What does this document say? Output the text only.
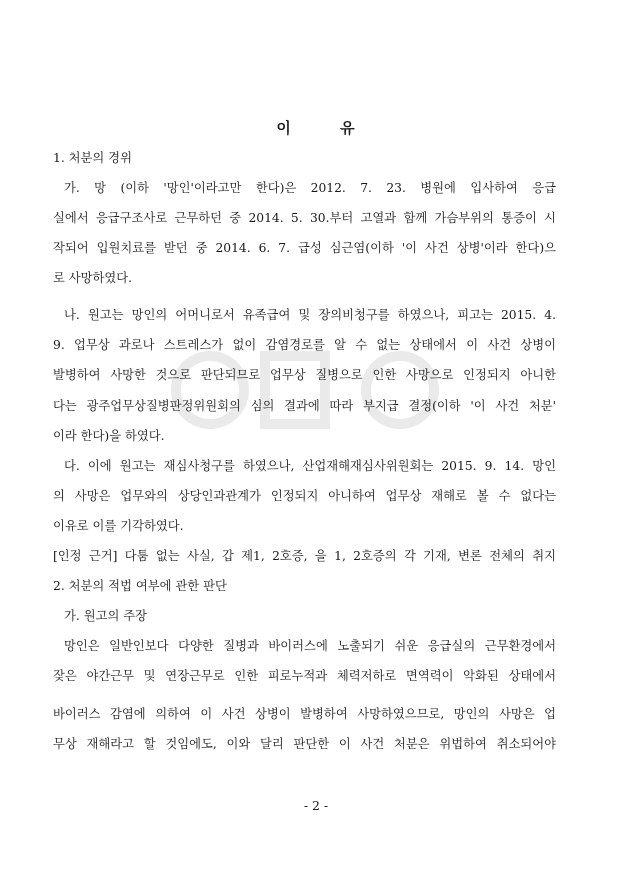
이 유
1. 처분의 경위
가. 망 (이하 '망인'이라고만 한다)은 2012. 7. 23. 병원에 입사하여 응급
실에서 응급구조사로 근무하던 중 2014. 5. 30.부터 고열과 함께 가슴부위의 통증이 시
작되어 입원치료를 받던 중 2014. 6. 7. 급성 심근염(이하 '이 사건 상병'이라 한다)으
로 사망하였다.
나. 원고는 망인의 어머니로서 유족급여 및 장의비청구를 하였으나, 피고는 2015. 4.
9. 업무상 과로나 스트레스가 없이 감염경로를 알 수 없는 상태에서 이 사건 상병이
발병하여 사망한 것으로 판단되므로 업무상 질병으로 인한 사망으로 인정되지 아니한
다는 광주업무상질병판정위원회의 심의 결과에 따라 부지급 결정(이하 '이 사건 처분'
이라 한다)을 하였다.
다. 이에 원고는 재심사청구를 하였으나, 산업재해재심사위원회는 2015. 9. 14. 망인
의 사망은 업무와의 상당인과관계가 인정되지 아니하여 업무상 재해로 볼 수 없다는
이유로 이를 기각하였다.
[인정 근거] 다툼 없는 사실, 갑 제1, 2호증, 을 1, 2호증의 각 기재, 변론 전체의 취지
2. 처분의 적법 여부에 관한 판단
가. 원고의 주장
망인은 일반인보다 다양한 질병과 바이러스에 노출되기 쉬운 응급실의 근무환경에서
잦은 야간근무 및 연장근무로 인한 피로누적과 체력저하로 면역력이 악화된 상태에서
바이러스 감염에 의하여 이 사건 상병이 발병하여 사망하였으므로, 망인의 사망은 업
무상 재해라고 할 것임에도, 이와 달리 판단한 이 사건 처분은 위법하여 취소되어야
- 2 -
